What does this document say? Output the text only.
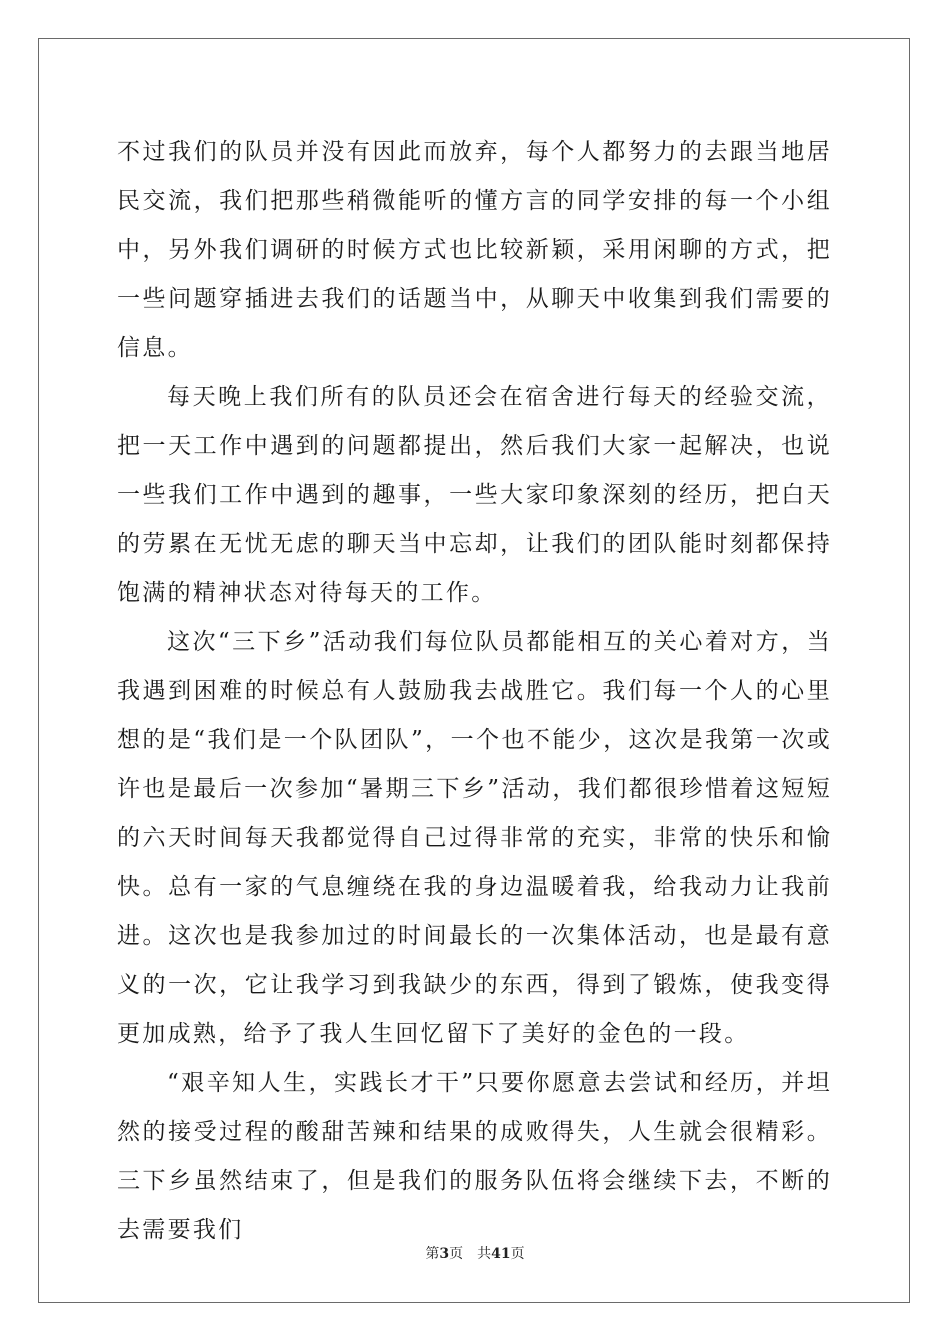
不过我们的队员并没有因此而放弃，每个人都努力的去跟当地居民交流，我们把那些稍微能听的懂方言的同学安排的每一个小组中，另外我们调研的时候方式也比较新颖，采用闲聊的方式，把一些问题穿插进去我们的话题当中，从聊天中收集到我们需要的信息。

每天晚上我们所有的队员还会在宿舍进行每天的经验交流，把一天工作中遇到的问题都提出，然后我们大家一起解决，也说一些我们工作中遇到的趣事，一些大家印象深刻的经历，把白天的劳累在无忧无虑的聊天当中忘却，让我们的团队能时刻都保持饱满的精神状态对待每天的工作。

这次“三下乡”活动我们每位队员都能相互的关心着对方，当我遇到困难的时候总有人鼓励我去战胜它。我们每一个人的心里想的是“我们是一个队团队”，一个也不能少，这次是我第一次或许也是最后一次参加“暑期三下乡”活动，我们都很珍惜着这短短的六天时间每天我都觉得自己过得非常的充实，非常的快乐和愉快。总有一家的气息缠绕在我的身边温暖着我，给我动力让我前进。这次也是我参加过的时间最长的一次集体活动，也是最有意义的一次，它让我学习到我缺少的东西，得到了锻炼，使我变得更加成熟，给予了我人生回忆留下了美好的金色的一段。

“艰辛知人生，实践长才干”只要你愿意去尝试和经历，并坦然的接受过程的酸甜苦辣和结果的成败得失，人生就会很精彩。三下乡虽然结束了，但是我们的服务队伍将会继续下去，不断的去需要我们

第3页 共41页
